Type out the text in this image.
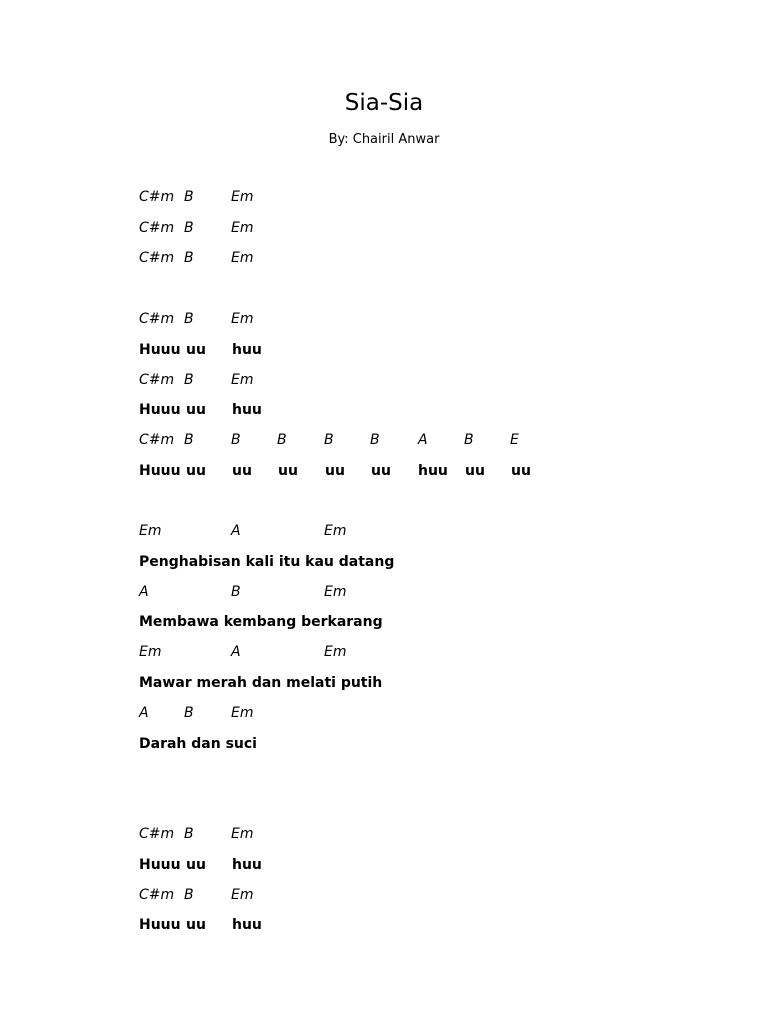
Sia-Sia
By: Chairil Anwar
C#m B	Em
C#m B	Em
C#m B	Em
C#m B	Em
Huuu uu huu
C#m B	Em
Huuu uu huu
C#m B	B	B	B	B	A	B	E
Huuu uu uu uu uu uu huu uu uu
Em	A	Em
Penghabisan kali itu kau datang
A	B	Em
Membawa kembang berkarang
Em	A	Em
Mawar merah dan melati putih
A	B	Em
Darah dan suci
C#m B	Em
Huuu uu huu
C#m B	Em
Huuu uu huu
